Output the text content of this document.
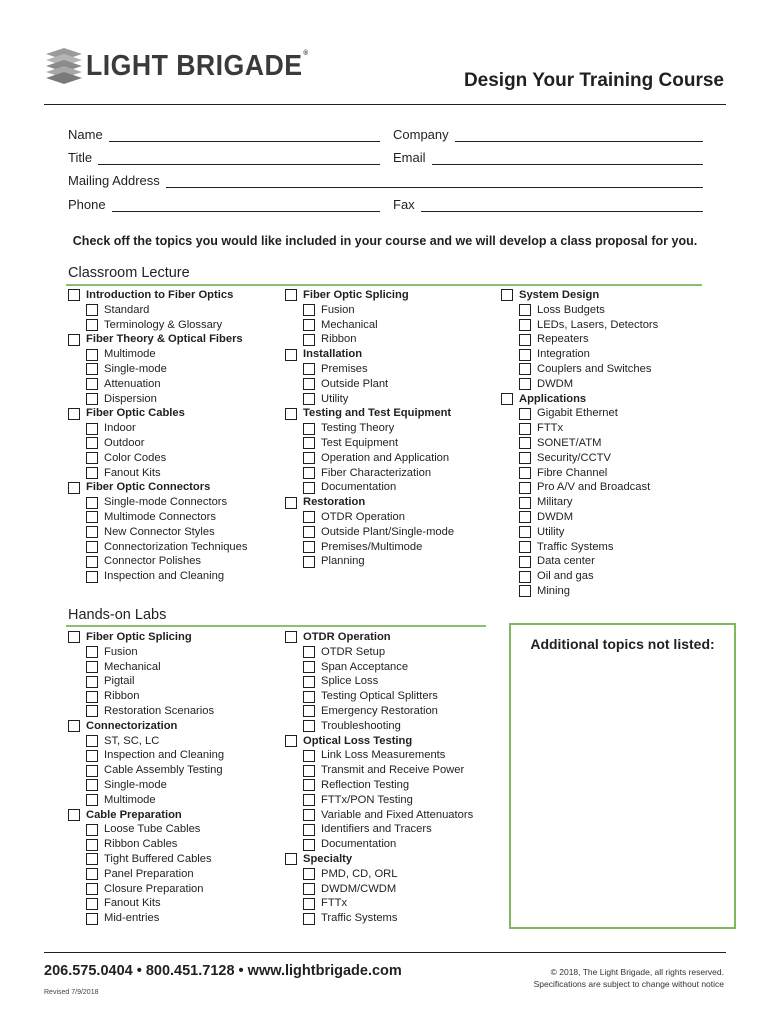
LIGHT BRIGADE®
Design Your Training Course
Name	Company
Title	Email
Mailing Address
Phone	Fax
Check off the topics you would like included in your course and we will develop a class proposal for you.
Classroom Lecture
Introduction to Fiber Optics
Standard
Terminology & Glossary
Fiber Theory & Optical Fibers
Multimode
Single-mode
Attenuation
Dispersion
Fiber Optic Cables
Indoor
Outdoor
Color Codes
Fanout Kits
Fiber Optic Connectors
Single-mode Connectors
Multimode Connectors
New Connector Styles
Connectorization Techniques
Connector Polishes
Inspection and Cleaning
Fiber Optic Splicing
Fusion
Mechanical
Ribbon
Installation
Premises
Outside Plant
Utility
Testing and Test Equipment
Testing Theory
Test Equipment
Operation and Application
Fiber Characterization
Documentation
Restoration
OTDR Operation
Outside Plant/Single-mode
Premises/Multimode
Planning
System Design
Loss Budgets
LEDs, Lasers, Detectors
Repeaters
Integration
Couplers and Switches
DWDM
Applications
Gigabit Ethernet
FTTx
SONET/ATM
Security/CCTV
Fibre Channel
Pro A/V and Broadcast
Military
DWDM
Utility
Traffic Systems
Data center
Oil and gas
Mining
Hands-on Labs
Fiber Optic Splicing
Fusion
Mechanical
Pigtail
Ribbon
Restoration Scenarios
Connectorization
ST, SC, LC
Inspection and Cleaning
Cable Assembly Testing
Single-mode
Multimode
Cable Preparation
Loose Tube Cables
Ribbon Cables
Tight Buffered Cables
Panel Preparation
Closure Preparation
Fanout Kits
Mid-entries
OTDR Operation
OTDR Setup
Span Acceptance
Splice Loss
Testing Optical Splitters
Emergency Restoration
Troubleshooting
Optical Loss Testing
Link Loss Measurements
Transmit and Receive Power
Reflection Testing
FTTx/PON Testing
Variable and Fixed Attenuators
Identifiers and Tracers
Documentation
Specialty
PMD, CD, ORL
DWDM/CWDM
FTTx
Traffic Systems
Additional topics not listed:
206.575.0404 • 800.451.7128 • www.lightbrigade.com
Revised 7/9/2018
© 2018, The Light Brigade, all rights reserved.
Specifications are subject to change without notice
